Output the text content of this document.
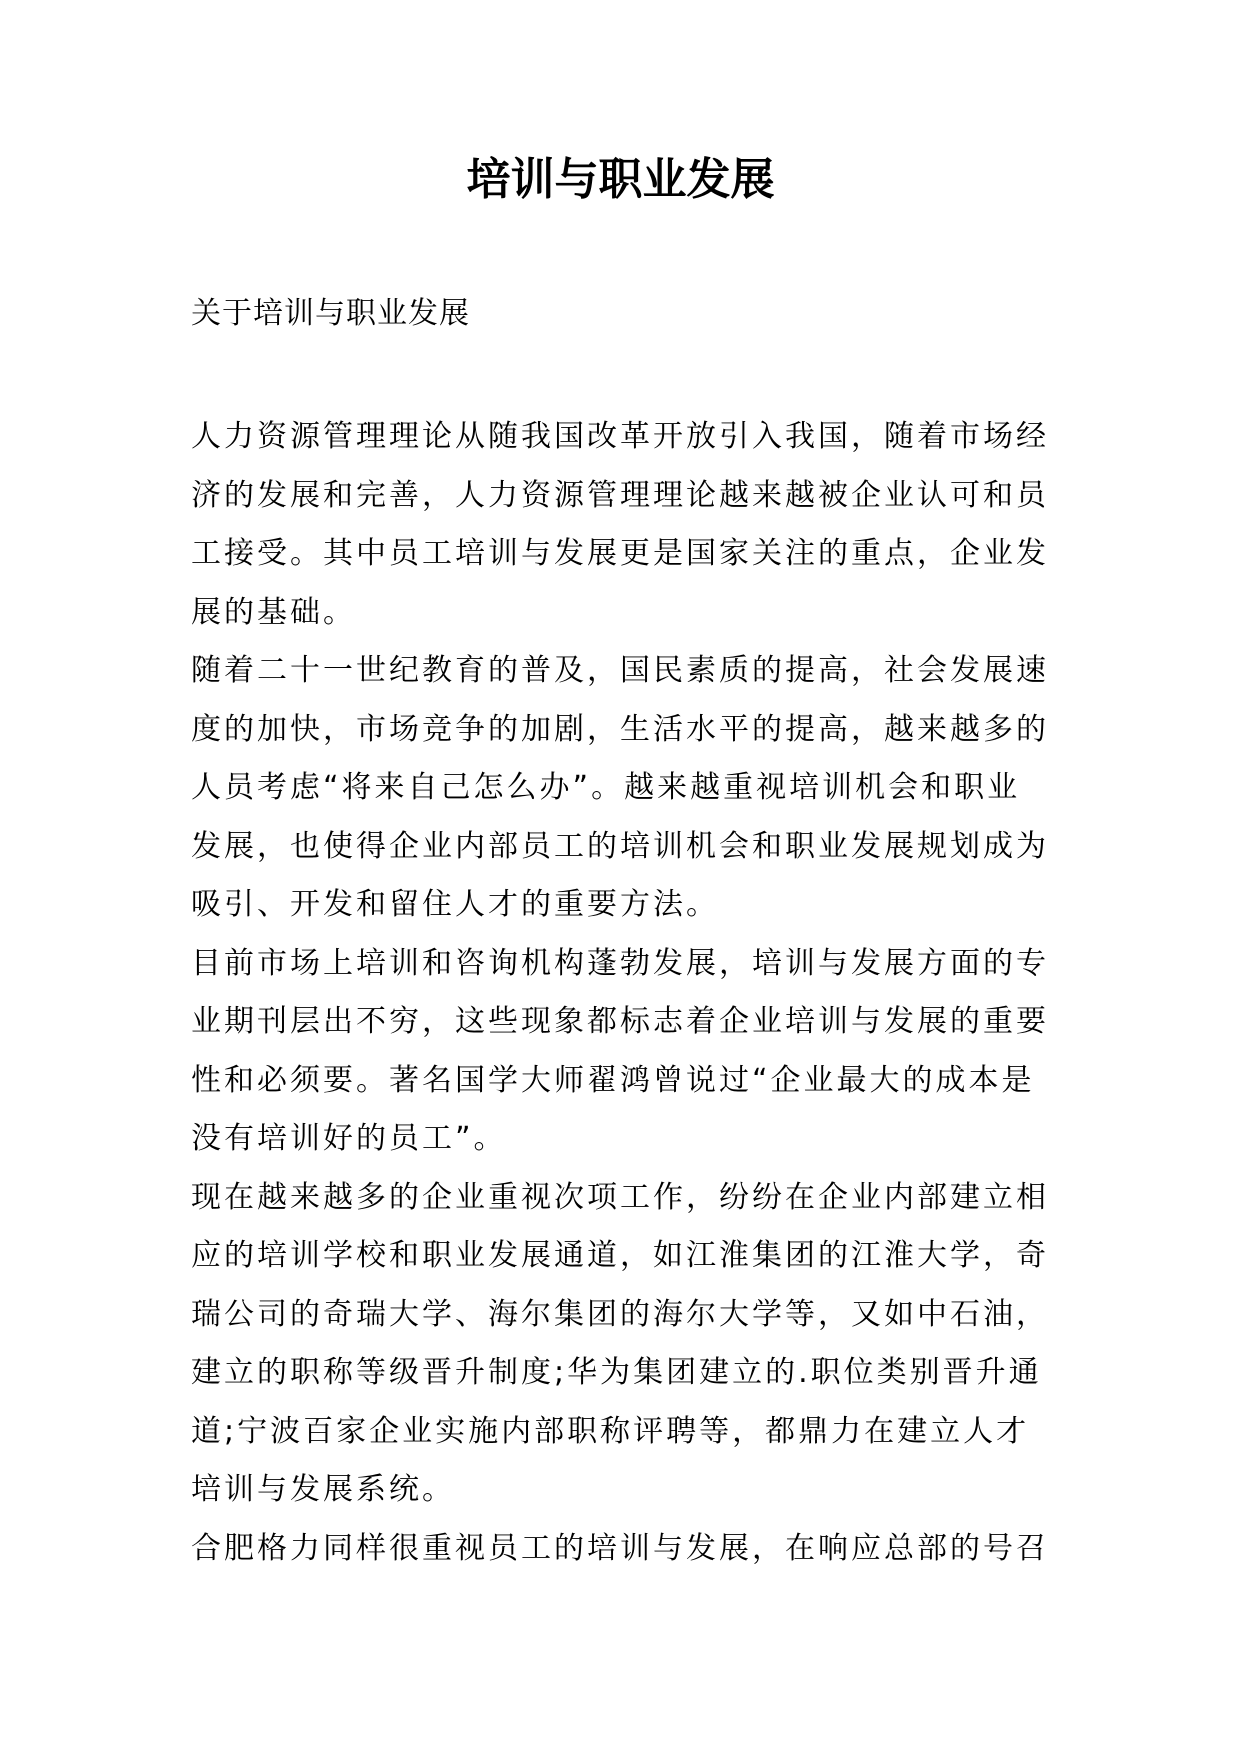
培训与职业发展
关于培训与职业发展

人力资源管理理论从随我国改革开放引入我国，随着市场经济的发展和完善，人力资源管理理论越来越被企业认可和员工接受。其中员工培训与发展更是国家关注的重点，企业发展的基础。

随着二十一世纪教育的普及，国民素质的提高，社会发展速度的加快，市场竞争的加剧，生活水平的提高，越来越多的人员考虑“将来自己怎么办”。越来越重视培训机会和职业发展，也使得企业内部员工的培训机会和职业发展规划成为吸引、开发和留住人才的重要方法。

目前市场上培训和咨询机构蓬勃发展，培训与发展方面的专业期刊层出不穷，这些现象都标志着企业培训与发展的重要性和必须要。著名国学大师翟鸿曾说过“企业最大的成本是没有培训好的员工”。

现在越来越多的企业重视次项工作，纷纷在企业内部建立相应的培训学校和职业发展通道，如江淮集团的江淮大学，奇瑞公司的奇瑞大学、海尔集团的海尔大学等，又如中石油，建立的职称等级晋升制度;华为集团建立的.职位类别晋升通道;宁波百家企业实施内部职称评聘等，都鼎力在建立人才培训与发展系统。

合肥格力同样很重视员工的培训与发展，在响应总部的号召
